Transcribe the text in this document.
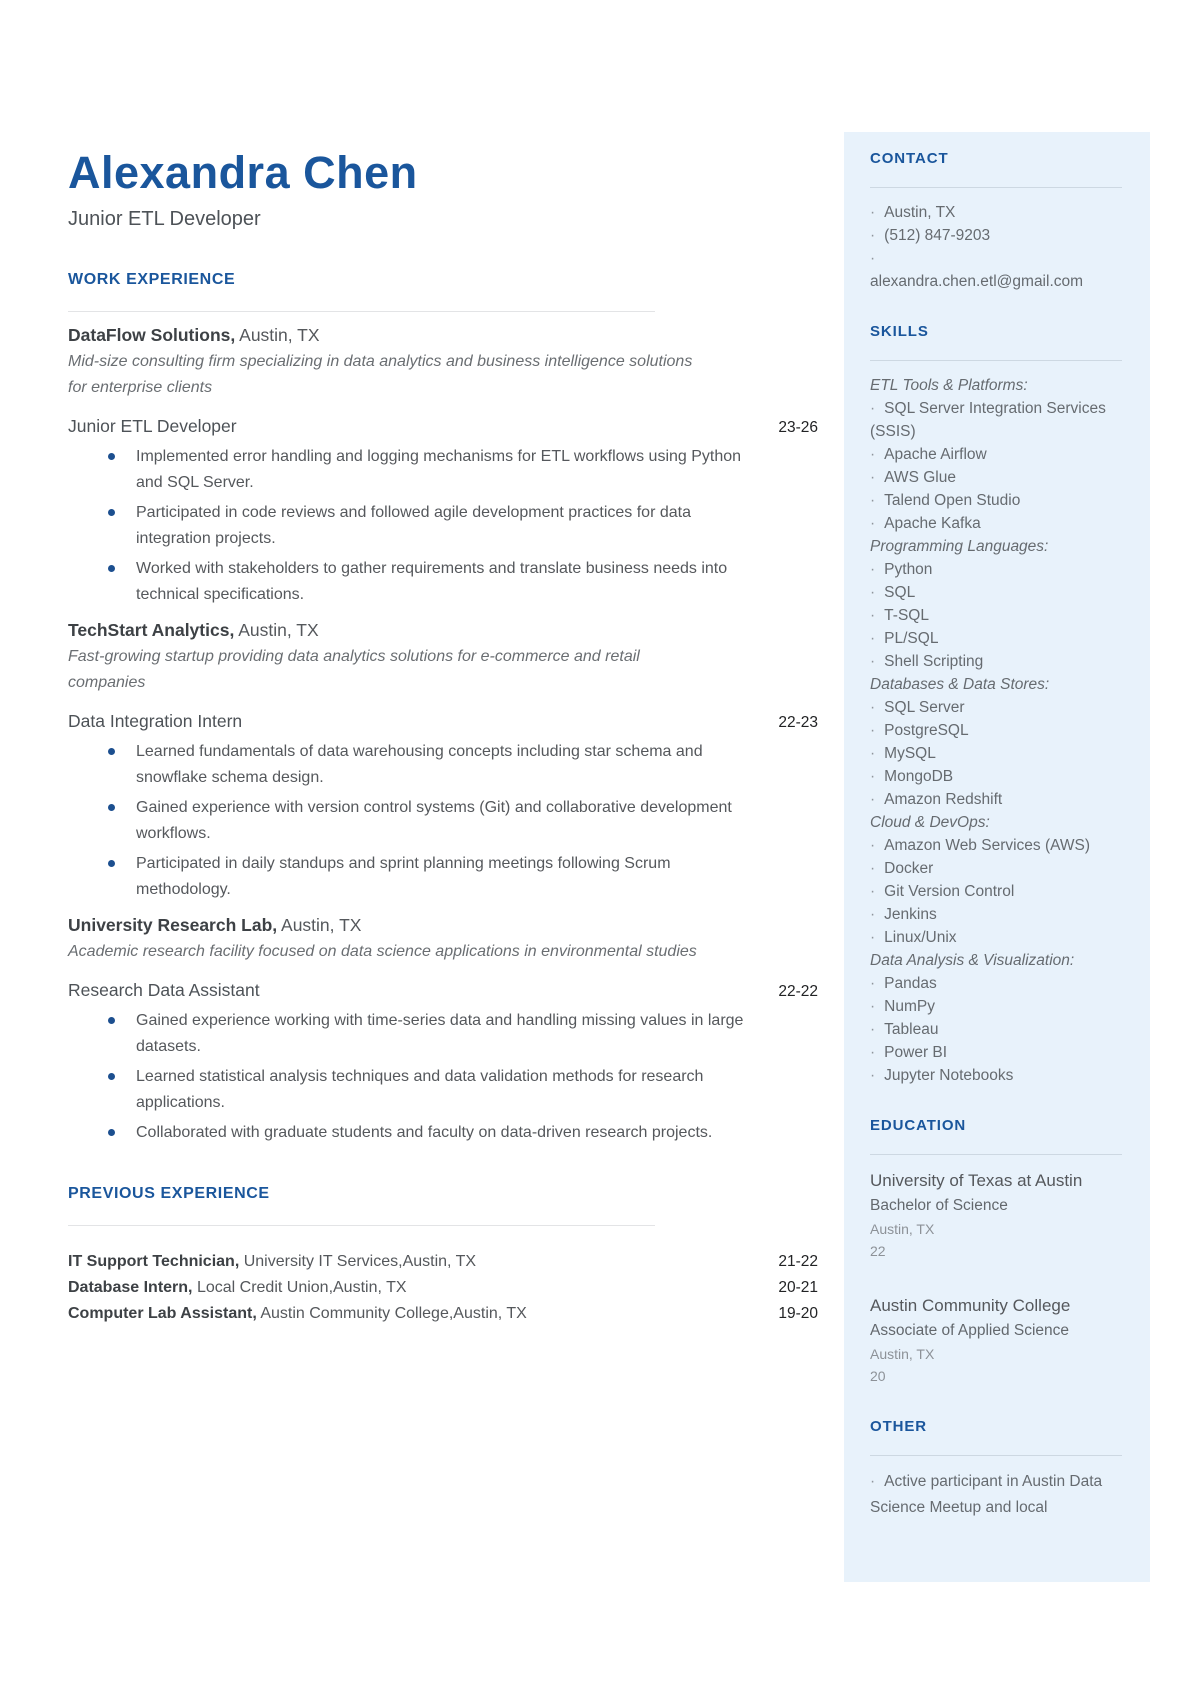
Alexandra Chen
Junior ETL Developer
WORK EXPERIENCE
DataFlow Solutions, Austin, TX
Mid-size consulting firm specializing in data analytics and business intelligence solutions for enterprise clients
Junior ETL Developer	23-26
Implemented error handling and logging mechanisms for ETL workflows using Python and SQL Server.
Participated in code reviews and followed agile development practices for data integration projects.
Worked with stakeholders to gather requirements and translate business needs into technical specifications.
TechStart Analytics, Austin, TX
Fast-growing startup providing data analytics solutions for e-commerce and retail companies
Data Integration Intern	22-23
Learned fundamentals of data warehousing concepts including star schema and snowflake schema design.
Gained experience with version control systems (Git) and collaborative development workflows.
Participated in daily standups and sprint planning meetings following Scrum methodology.
University Research Lab, Austin, TX
Academic research facility focused on data science applications in environmental studies
Research Data Assistant	22-22
Gained experience working with time-series data and handling missing values in large datasets.
Learned statistical analysis techniques and data validation methods for research applications.
Collaborated with graduate students and faculty on data-driven research projects.
PREVIOUS EXPERIENCE
IT Support Technician, University IT Services,Austin, TX	21-22
Database Intern, Local Credit Union,Austin, TX	20-21
Computer Lab Assistant, Austin Community College,Austin, TX	19-20
CONTACT
· Austin, TX
· (512) 847-9203
·
alexandra.chen.etl@gmail.com
SKILLS
ETL Tools & Platforms:
· SQL Server Integration Services (SSIS)
· Apache Airflow
· AWS Glue
· Talend Open Studio
· Apache Kafka
Programming Languages:
· Python
· SQL
· T-SQL
· PL/SQL
· Shell Scripting
Databases & Data Stores:
· SQL Server
· PostgreSQL
· MySQL
· MongoDB
· Amazon Redshift
Cloud & DevOps:
· Amazon Web Services (AWS)
· Docker
· Git Version Control
· Jenkins
· Linux/Unix
Data Analysis & Visualization:
· Pandas
· NumPy
· Tableau
· Power BI
· Jupyter Notebooks
EDUCATION
University of Texas at Austin
Bachelor of Science
Austin, TX
22
Austin Community College
Associate of Applied Science
Austin, TX
20
OTHER
· Active participant in Austin Data Science Meetup and local
